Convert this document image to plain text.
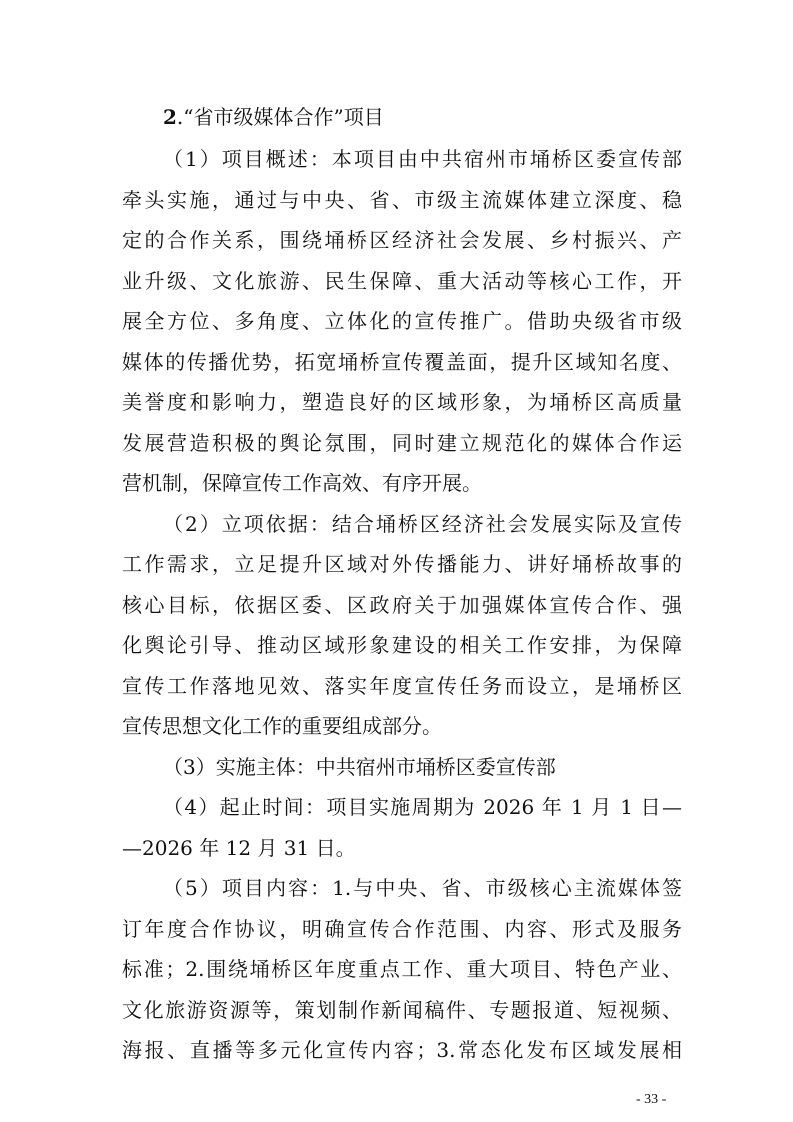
2.“省市级媒体合作”项目
（1）项目概述：本项目由中共宿州市埇桥区委宣传部
牵头实施，通过与中央、省、市级主流媒体建立深度、稳
定的合作关系，围绕埇桥区经济社会发展、乡村振兴、产
业升级、文化旅游、民生保障、重大活动等核心工作，开
展全方位、多角度、立体化的宣传推广。借助央级省市级
媒体的传播优势，拓宽埇桥宣传覆盖面，提升区域知名度、
美誉度和影响力，塑造良好的区域形象，为埇桥区高质量
发展营造积极的舆论氛围，同时建立规范化的媒体合作运
营机制，保障宣传工作高效、有序开展。
（2）立项依据：结合埇桥区经济社会发展实际及宣传
工作需求，立足提升区域对外传播能力、讲好埇桥故事的
核心目标，依据区委、区政府关于加强媒体宣传合作、强
化舆论引导、推动区域形象建设的相关工作安排，为保障
宣传工作落地见效、落实年度宣传任务而设立，是埇桥区
宣传思想文化工作的重要组成部分。
（3）实施主体：中共宿州市埇桥区委宣传部
（4）起止时间：项目实施周期为 2026 年 1 月 1 日—
—2026 年 12 月 31 日。
（5）项目内容：1.与中央、省、市级核心主流媒体签
订年度合作协议，明确宣传合作范围、内容、形式及服务
标准；2.围绕埇桥区年度重点工作、重大项目、特色产业、
文化旅游资源等，策划制作新闻稿件、专题报道、短视频、
海报、直播等多元化宣传内容；3.常态化发布区域发展相
- 33 -
